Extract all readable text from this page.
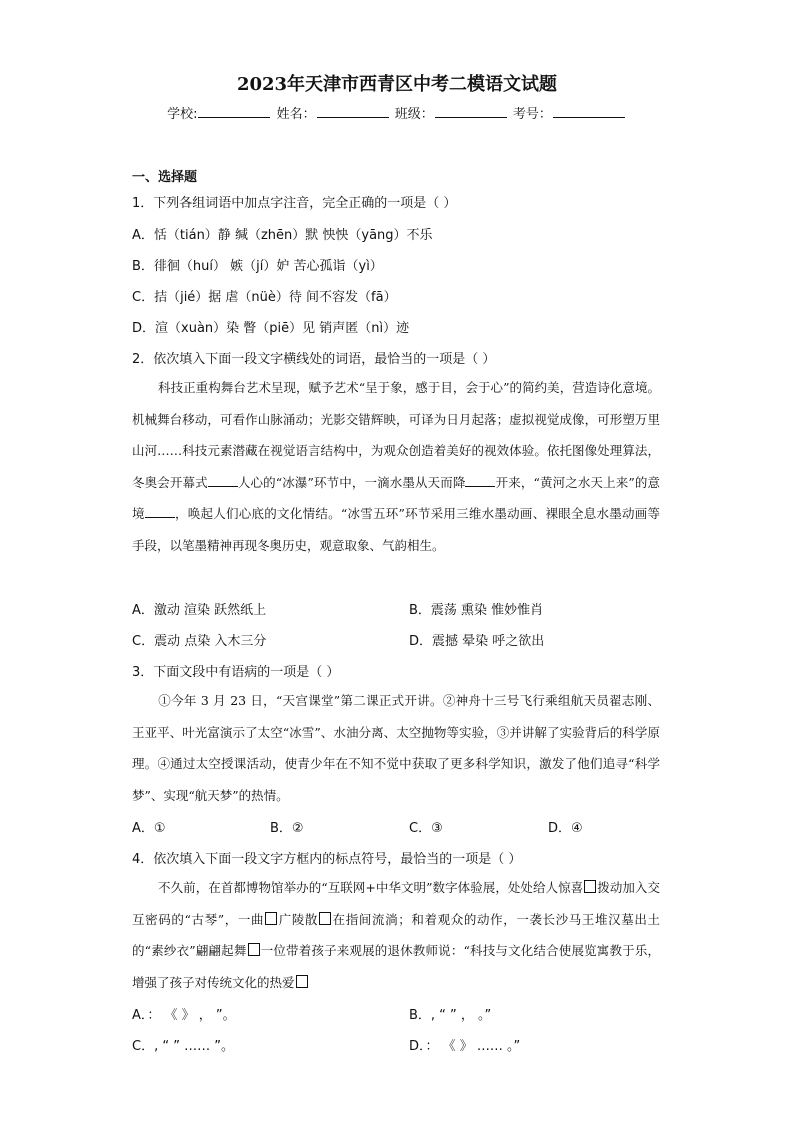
2023年天津市西青区中考二模语文试题
学校:	姓名：	班级：	考号：
一、选择题
1．下列各组词语中加点字注音，完全正确的一项是（ ）
A．恬（tián）静 缄（zhēn）默 怏怏（yāng）不乐
B．徘徊（huí） 嫉（jí）妒 苦心孤诣（yì）
C．拮（jié）据 虐（nüè）待 间不容发（fā）
D．渲（xuàn）染 瞥（piē）见 销声匿（nì）迹
2．依次填入下面一段文字横线处的词语，最恰当的一项是（ ）
科技正重构舞台艺术呈现，赋予艺术“呈于象，感于目，会于心”的简约美，营造诗化意境。机械舞台移动，可看作山脉涌动；光影交错辉映，可译为日月起落；虚拟视觉成像，可形塑万里山河……科技元素潜藏在视觉语言结构中，为观众创造着美好的视效体验。依托图像处理算法，冬奥会开幕式 人心的“冰瀑”环节中，一滴水墨从天而降 开来，“黄河之水天上来”的意境 ，唤起人们心底的文化情结。“冰雪五环”环节采用三维水墨动画、裸眼全息水墨动画等手段，以笔墨精神再现冬奥历史，观意取象、气韵相生。
A．激动 渲染 跃然纸上	B．震荡 熏染 惟妙惟肖
C．震动 点染 入木三分	D．震撼 晕染 呼之欲出
3．下面文段中有语病的一项是（ ）
①今年 3 月 23 日，“天宫课堂”第二课正式开讲。②神舟十三号飞行乘组航天员翟志刚、王亚平、叶光富演示了太空“冰雪”、水油分离、太空抛物等实验，③并讲解了实验背后的科学原理。④通过太空授课活动，使青少年在不知不觉中获取了更多科学知识，激发了他们追寻“科学梦”、实现“航天梦”的热情。
A．①	B．②	C．③	D．④
4．依次填入下面一段文字方框内的标点符号，最恰当的一项是（ ）
不久前，在首都博物馆举办的“互联网+中华文明”数字体验展，处处给人惊喜 拨动加入交互密码的“古琴”，一曲 广陵散 在指间流淌；和着观众的动作，一袭长沙马王堆汉墓出土的“素纱衣”翩翩起舞 一位带着孩子来观展的退休教师说：“科技与文化结合使展览寓教于乐，增强了孩子对传统文化的热爱
A．： 《 》 ， ”。	B．, “ ” ， 。”
C．, “ ” …… ”。	D．： 《 》 …… 。”
